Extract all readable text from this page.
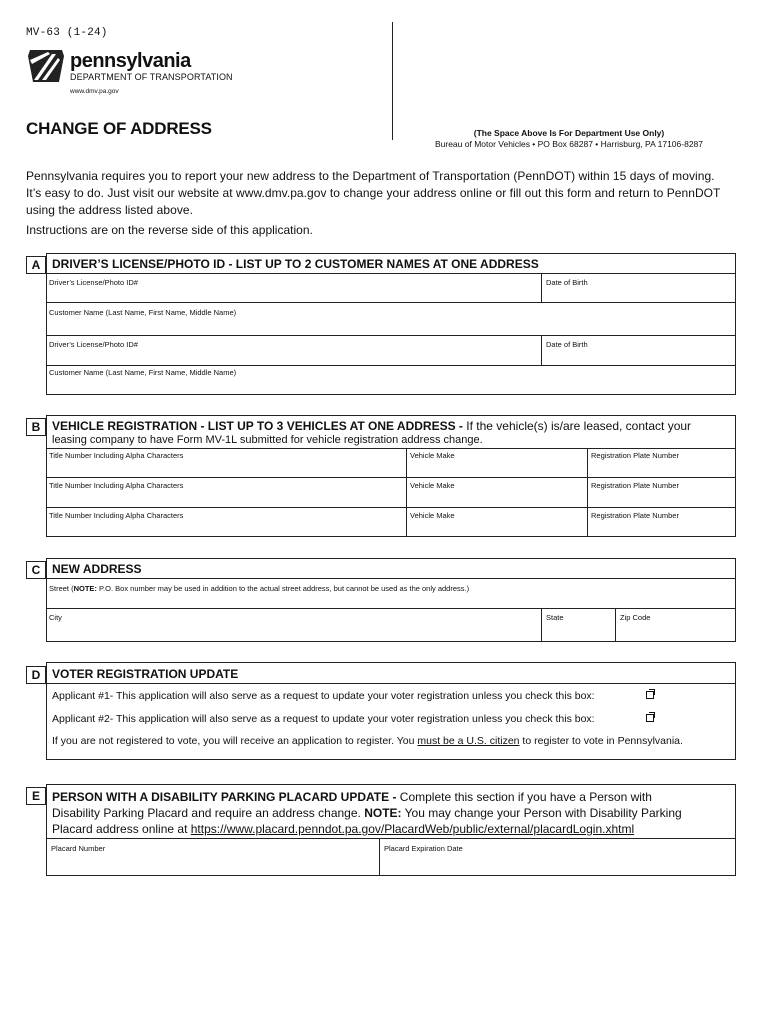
MV-63 (1-24)
pennsylvania
DEPARTMENT OF TRANSPORTATION
www.dmv.pa.gov
CHANGE OF ADDRESS	(The Space Above Is For Department Use Only)
Bureau of Motor Vehicles • PO Box 68287 • Harrisburg, PA 17106-8287
Pennsylvania requires you to report your new address to the Department of Transportation (PennDOT) within 15 days of moving.
It’s easy to do. Just visit our website at www.dmv.pa.gov to change your address online or fill out this form and return to PennDOT
using the address listed above.
Instructions are on the reverse side of this application.
A DRIVER’S LICENSE/PHOTO ID - LIST UP TO 2 CUSTOMER NAMES AT ONE ADDRESS
Driver’s License/Photo ID#	Date of Birth
Customer Name (Last Name, First Name, Middle Name)
Driver’s License/Photo ID#	Date of Birth
Customer Name (Last Name, First Name, Middle Name)
B VEHICLE REGISTRATION - LIST UP TO 3 VEHICLES AT ONE ADDRESS - If the vehicle(s) is/are leased, contact your
leasing company to have Form MV-1L submitted for vehicle registration address change.
Title Number Including Alpha Characters	Vehicle Make	Registration Plate Number
Title Number Including Alpha Characters	Vehicle Make	Registration Plate Number
Title Number Including Alpha Characters	Vehicle Make	Registration Plate Number
C NEW ADDRESS
Street (NOTE: P.O. Box number may be used in addition to the actual street address, but cannot be used as the only address.)
City	State	Zip Code
D VOTER REGISTRATION UPDATE
Applicant #1- This application will also serve as a request to update your voter registration unless you check this box:
Applicant #2- This application will also serve as a request to update your voter registration unless you check this box:
If you are not registered to vote, you will receive an application to register. You must be a U.S. citizen to register to vote in Pennsylvania.
E	PERSON WITH A DISABILITY PARKING PLACARD UPDATE - Complete this section if you have a Person with
Disability Parking Placard and require an address change. NOTE: You may change your Person with Disability Parking
Placard address online at https://www.placard.penndot.pa.gov/PlacardWeb/public/external/placardLogin.xhtml
Placard Number	Placard Expiration Date
